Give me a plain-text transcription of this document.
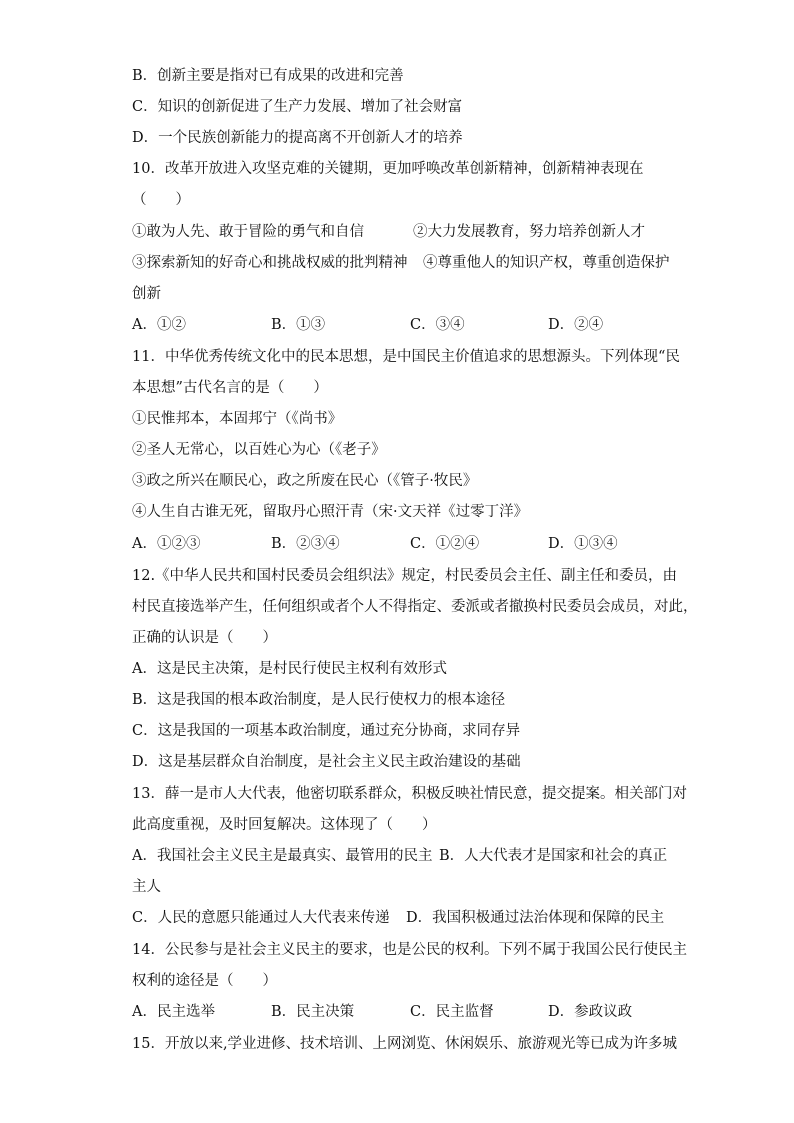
B．创新主要是指对已有成果的改进和完善
C．知识的创新促进了生产力发展、增加了社会财富
D．一个民族创新能力的提高离不开创新人才的培养
10．改革开放进入攻坚克难的关键期，更加呼唤改革创新精神，创新精神表现在
（　　）
①敢为人先、敢于冒险的勇气和自信	②大力发展教育，努力培养创新人才
③探索新知的好奇心和挑战权威的批判精神 ④尊重他人的知识产权，尊重创造保护
创新
A．①②	B．①③	C．③④	D．②④
11．中华优秀传统文化中的民本思想，是中国民主价值追求的思想源头。下列体现“民
本思想”古代名言的是（　　）
①民惟邦本，本固邦宁（《尚书》
②圣人无常心，以百姓心为心（《老子》
③政之所兴在顺民心，政之所废在民心（《管子·牧民》
④人生自古谁无死，留取丹心照汗青（宋·文天祥《过零丁洋》
A．①②③	B．②③④	C．①②④	D．①③④
12.《中华人民共和国村民委员会组织法》规定，村民委员会主任、副主任和委员，由
村民直接选举产生，任何组织或者个人不得指定、委派或者撤换村民委员会成员，对此，
正确的认识是（　　）
A．这是民主决策，是村民行使民主权利有效形式
B．这是我国的根本政治制度，是人民行使权力的根本途径
C．这是我国的一项基本政治制度，通过充分协商，求同存异
D．这是基层群众自治制度，是社会主义民主政治建设的基础
13．薛一是市人大代表，他密切联系群众，积极反映社情民意，提交提案。相关部门对
此高度重视，及时回复解决。这体现了（　　）
A．我国社会主义民主是最真实、最管用的民主 B．人大代表才是国家和社会的真正
主人
C．人民的意愿只能通过人大代表来传递 D．我国积极通过法治体现和保障的民主
14．公民参与是社会主义民主的要求，也是公民的权利。下列不属于我国公民行使民主
权利的途径是（　　）
A．民主选举	B．民主决策	C．民主监督	D．参政议政
15．开放以来,学业进修、技术培训、上网浏览、休闲娱乐、旅游观光等已成为许多城
